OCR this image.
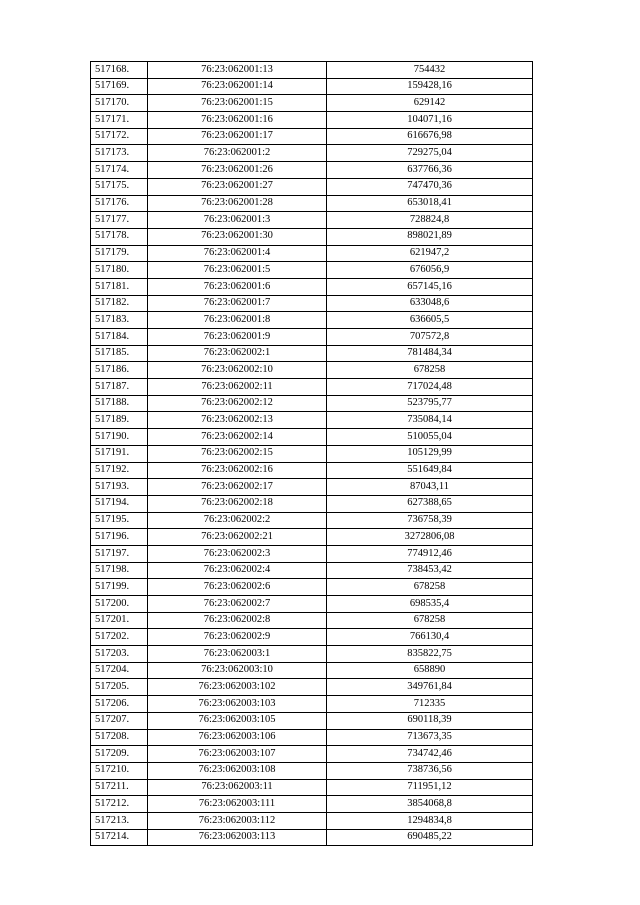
517168.	76:23:062001:13	754432
517169.	76:23:062001:14	159428,16
517170.	76:23:062001:15	629142
517171.	76:23:062001:16	104071,16
517172.	76:23:062001:17	616676,98
517173.	76:23:062001:2	729275,04
517174.	76:23:062001:26	637766,36
517175.	76:23:062001:27	747470,36
517176.	76:23:062001:28	653018,41
517177.	76:23:062001:3	728824,8
517178.	76:23:062001:30	898021,89
517179.	76:23:062001:4	621947,2
517180.	76:23:062001:5	676056,9
517181.	76:23:062001:6	657145,16
517182.	76:23:062001:7	633048,6
517183.	76:23:062001:8	636605,5
517184.	76:23:062001:9	707572,8
517185.	76:23:062002:1	781484,34
517186.	76:23:062002:10	678258
517187.	76:23:062002:11	717024,48
517188.	76:23:062002:12	523795,77
517189.	76:23:062002:13	735084,14
517190.	76:23:062002:14	510055,04
517191.	76:23:062002:15	105129,99
517192.	76:23:062002:16	551649,84
517193.	76:23:062002:17	87043,11
517194.	76:23:062002:18	627388,65
517195.	76:23:062002:2	736758,39
517196.	76:23:062002:21	3272806,08
517197.	76:23:062002:3	774912,46
517198.	76:23:062002:4	738453,42
517199.	76:23:062002:6	678258
517200.	76:23:062002:7	698535,4
517201.	76:23:062002:8	678258
517202.	76:23:062002:9	766130,4
517203.	76:23:062003:1	835822,75
517204.	76:23:062003:10	658890
517205.	76:23:062003:102	349761,84
517206.	76:23:062003:103	712335
517207.	76:23:062003:105	690118,39
517208.	76:23:062003:106	713673,35
517209.	76:23:062003:107	734742,46
517210.	76:23:062003:108	738736,56
517211.	76:23:062003:11	711951,12
517212.	76:23:062003:111	3854068,8
517213.	76:23:062003:112	1294834,8
517214.	76:23:062003:113	690485,22
